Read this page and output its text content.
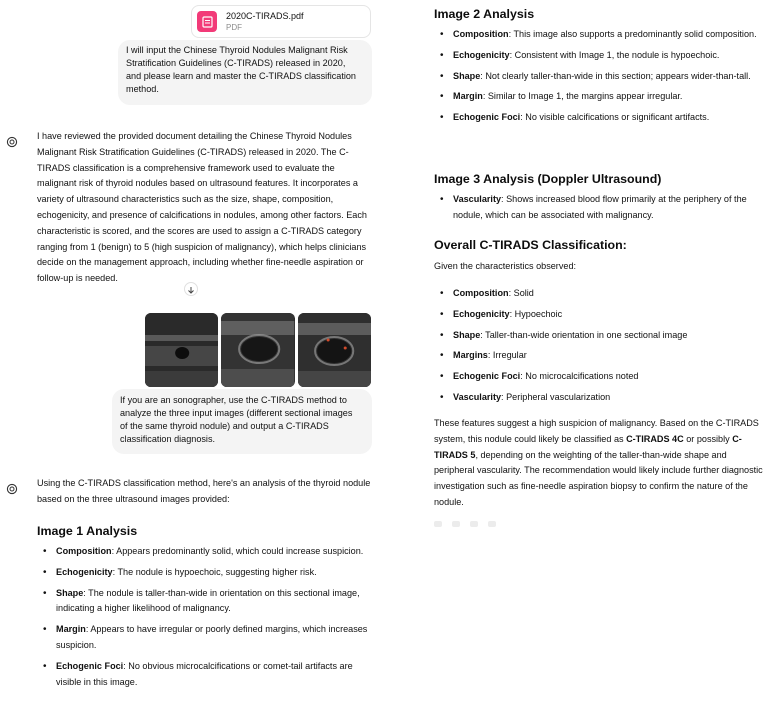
2020C-TIRADS.pdf
PDF
I will input the Chinese Thyroid Nodules Malignant Risk Stratification Guidelines (C-TIRADS) released in 2020, and please learn and master the C-TIRADS classification method.
I have reviewed the provided document detailing the Chinese Thyroid Nodules Malignant Risk Stratification Guidelines (C-TIRADS) released in 2020. The C-TIRADS classification is a comprehensive framework used to evaluate the malignant risk of thyroid nodules based on ultrasound features. It incorporates a variety of ultrasound characteristics such as the size, shape, composition, echogenicity, and presence of calcifications in nodules, among other factors. Each characteristic is scored, and the scores are used to assign a C-TIRADS category ranging from 1 (benign) to 5 (high suspicion of malignancy), which helps clinicians decide on the management approach, including whether fine-needle aspiration or follow-up is needed.
If you are an sonographer, use the C-TIRADS method to analyze the three input images (different sectional images of the same thyroid nodule) and output a C-TIRADS classification diagnosis.
Using the C-TIRADS classification method, here's an analysis of the thyroid nodule based on the three ultrasound images provided:
Image 1 Analysis
• Composition: Appears predominantly solid, which could increase suspicion.
• Echogenicity: The nodule is hypoechoic, suggesting higher risk.
• Shape: The nodule is taller-than-wide in orientation on this sectional image, indicating a higher likelihood of malignancy.
• Margin: Appears to have irregular or poorly defined margins, which increases suspicion.
• Echogenic Foci: No obvious microcalcifications or comet-tail artifacts are visible in this image.
Image 2 Analysis
• Composition: This image also supports a predominantly solid composition.
• Echogenicity: Consistent with Image 1, the nodule is hypoechoic.
• Shape: Not clearly taller-than-wide in this section; appears wider-than-tall.
• Margin: Similar to Image 1, the margins appear irregular.
• Echogenic Foci: No visible calcifications or significant artifacts.
Image 3 Analysis (Doppler Ultrasound)
• Vascularity: Shows increased blood flow primarily at the periphery of the nodule, which can be associated with malignancy.
Overall C-TIRADS Classification:
Given the characteristics observed:
• Composition: Solid
• Echogenicity: Hypoechoic
• Shape: Taller-than-wide orientation in one sectional image
• Margins: Irregular
• Echogenic Foci: No microcalcifications noted
• Vascularity: Peripheral vascularization
These features suggest a high suspicion of malignancy. Based on the C-TIRADS system, this nodule could likely be classified as C-TIRADS 4C or possibly C-TIRADS 5, depending on the weighting of the taller-than-wide shape and peripheral vascularity. The recommendation would likely include further diagnostic investigation such as fine-needle aspiration biopsy to confirm the nature of the nodule.
